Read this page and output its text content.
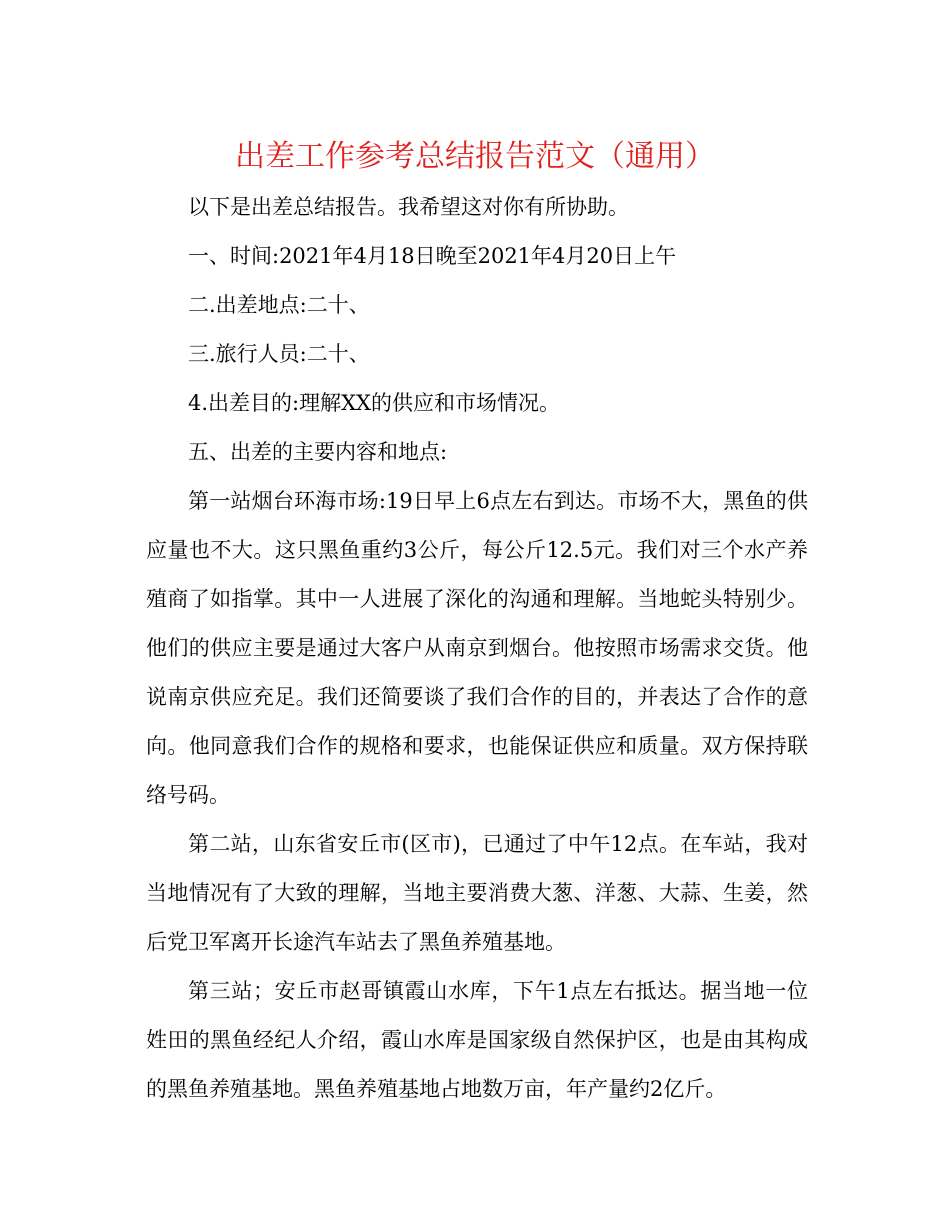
出差工作参考总结报告范文（通用）

以下是出差总结报告。我希望这对你有所协助。

一、时间:2021年4月18日晚至2021年4月20日上午

二.出差地点:二十、

三.旅行人员:二十、

4.出差目的:理解XX的供应和市场情况。

五、出差的主要内容和地点:

第一站烟台环海市场:19日早上6点左右到达。市场不大，黑鱼的供应量也不大。这只黑鱼重约3公斤，每公斤12.5元。我们对三个水产养殖商了如指掌。其中一人进展了深化的沟通和理解。当地蛇头特别少。他们的供应主要是通过大客户从南京到烟台。他按照市场需求交货。他说南京供应充足。我们还简要谈了我们合作的目的，并表达了合作的意向。他同意我们合作的规格和要求，也能保证供应和质量。双方保持联络号码。

第二站，山东省安丘市(区市)，已通过了中午12点。在车站，我对当地情况有了大致的理解，当地主要消费大葱、洋葱、大蒜、生姜，然后党卫军离开长途汽车站去了黑鱼养殖基地。

第三站；安丘市赵哥镇霞山水库，下午1点左右抵达。据当地一位姓田的黑鱼经纪人介绍，霞山水库是国家级自然保护区，也是由其构成的黑鱼养殖基地。黑鱼养殖基地占地数万亩，年产量约2亿斤。
